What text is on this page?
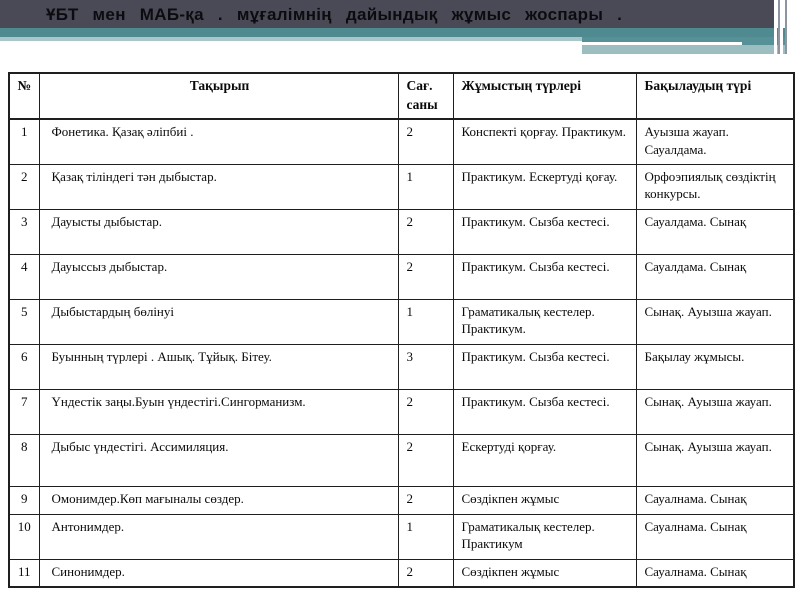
ҰБТ мен МАБ-қа . мұғалімнің дайындық жұмыс жоспары .
№	Тақырып	Сағ. саны	Жұмыстың түрлері	Бақылаудың түрі
1	Фонетика. Қазақ әліпбиі .	2	Конспекті қорғау. Практикум.	Ауызша жауап. Сауалдама.
2	Қазақ тіліндегі тән дыбыстар.	1	Практикум. Ескертуді қоғау.	Орфоэпиялық сөздіктің конкурсы.
3	Дауысты дыбыстар.	2	Практикум. Сызба кестесі.	Сауалдама. Сынақ
4	Дауыссыз дыбыстар.	2	Практикум. Сызба кестесі.	Сауалдама. Сынақ
5	Дыбыстардың бөлінуі	1	Граматикалық кестелер. Практикум.	Сынақ. Ауызша жауап.
6	Буынның түрлері . Ашық. Тұйық. Бітеу.	3	Практикум. Сызба кестесі.	Бақылау жұмысы.
7	Үндестік заңы.Буын үндестігі.Сингорманизм.	2	Практикум. Сызба кестесі.	Сынақ. Ауызша жауап.
8	Дыбыс үндестігі. Ассимиляция.	2	Ескертуді қорғау.	Сынақ. Ауызша жауап.
9	Омонимдер.Көп мағыналы сөздер.	2	Сөздікпен жұмыс	Сауалнама. Сынақ
10	Антонимдер.	1	Граматикалық кестелер. Практикум	Сауалнама. Сынақ
11	Синонимдер.	2	Сөздікпен жұмыс	Сауалнама. Сынақ
